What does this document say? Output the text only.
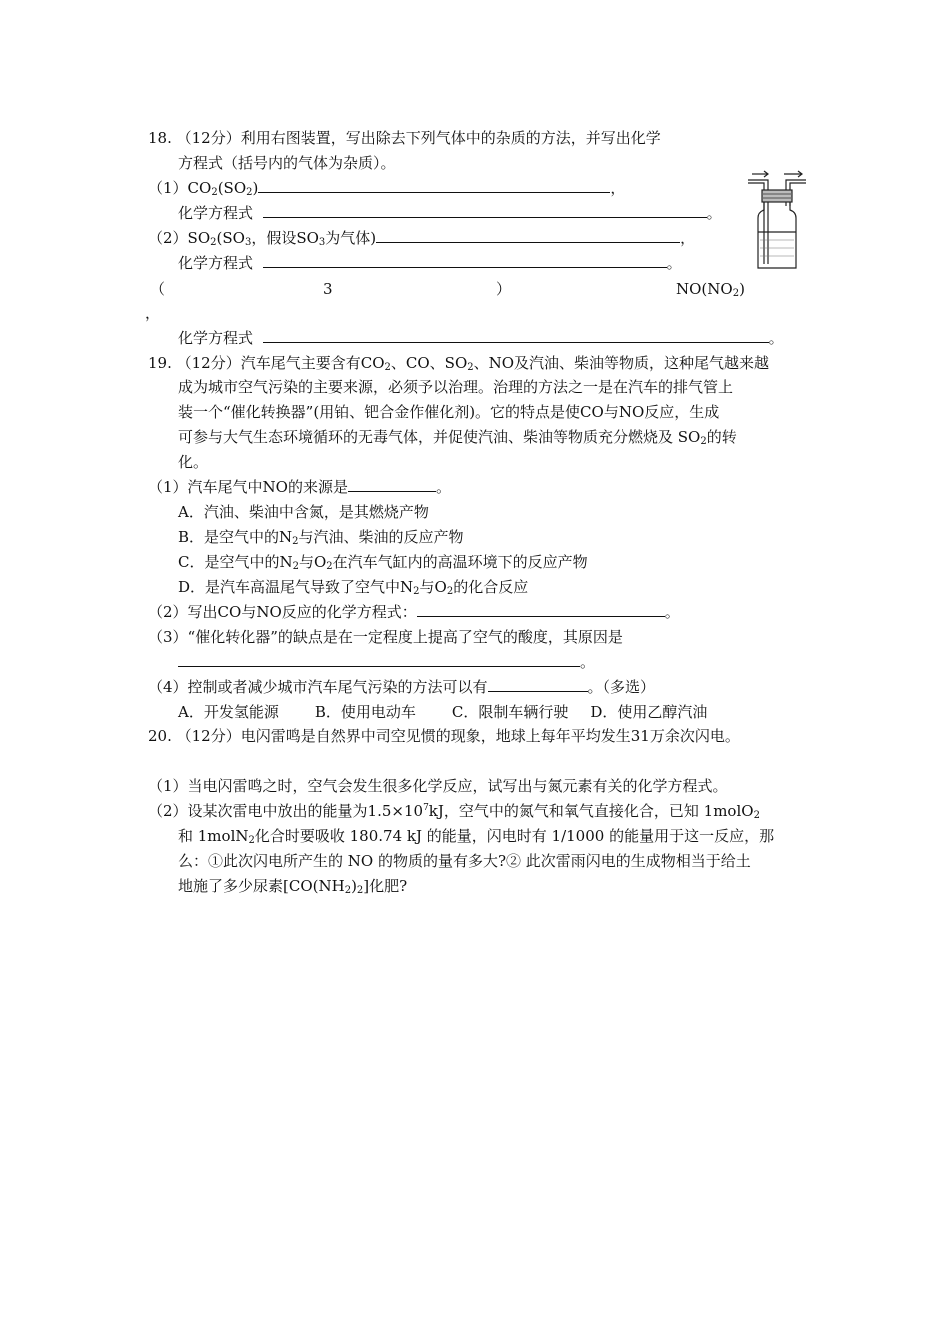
18. （12分）利用右图装置，写出除去下列气体中的杂质的方法，并写出化学
方程式（括号内的气体为杂质）。
$(1)CO_2(SO_2)$	，
化学方程式	。
$(2)SO_2(SO_3$，假设$SO_3$为气体)	，
化学方程式	。
（	3	）	$NO(NO_2)$
，
化学方程式	。
19. （12分）汽车尾气主要含有$CO_2$、CO、$SO_2$、NO及汽油、柴油等物质，这种尾气越来越
成为城市空气污染的主要来源，必须予以治理。治理的方法之一是在汽车的排气管上
装一个“催化转换器”(用铂、钯合金作催化剂)。它的特点是使CO与NO反应，生成
可参与大气生态环境循环的无毒气体，并促使汽油、柴油等物质充分燃烧及 $SO_2$的转
化。
（1）汽车尾气中NO的来源是	。
A．汽油、柴油中含氮，是其燃烧产物
B．是空气中的$N_2$与汽油、柴油的反应产物
C．是空气中的$N_2$与$O_2$在汽车气缸内的高温环境下的反应产物
D．是汽车高温尾气导致了空气中$N_2$与$O_2$的化合反应
（2）写出CO与NO反应的化学方程式：	。
（3）“催化转化器”的缺点是在一定程度上提高了空气的酸度，其原因是
。
（4）控制或者减少城市汽车尾气污染的方法可以有	。（多选）
A．开发氢能源 B．使用电动车 C．限制车辆行驶 D．使用乙醇汽油
20. （12分）电闪雷鸣是自然界中司空见惯的现象，地球上每年平均发生31万余次闪电。
（1）当电闪雷鸣之时，空气会发生很多化学反应，试写出与氮元素有关的化学方程式。
（2）设某次雷电中放出的能量为$1.5\times 10^7kJ$，空气中的氮气和氧气直接化合，已知 1molO$_2$
和 1molN$_2$化合时要吸收 180.74 kJ 的能量，闪电时有 1/1000 的能量用于这一反应，那
么：①此次闪电所产生的 NO 的物质的量有多大?② 此次雷雨闪电的生成物相当于给土
地施了多少尿素$[CO(NH_2)_2]$化肥?
